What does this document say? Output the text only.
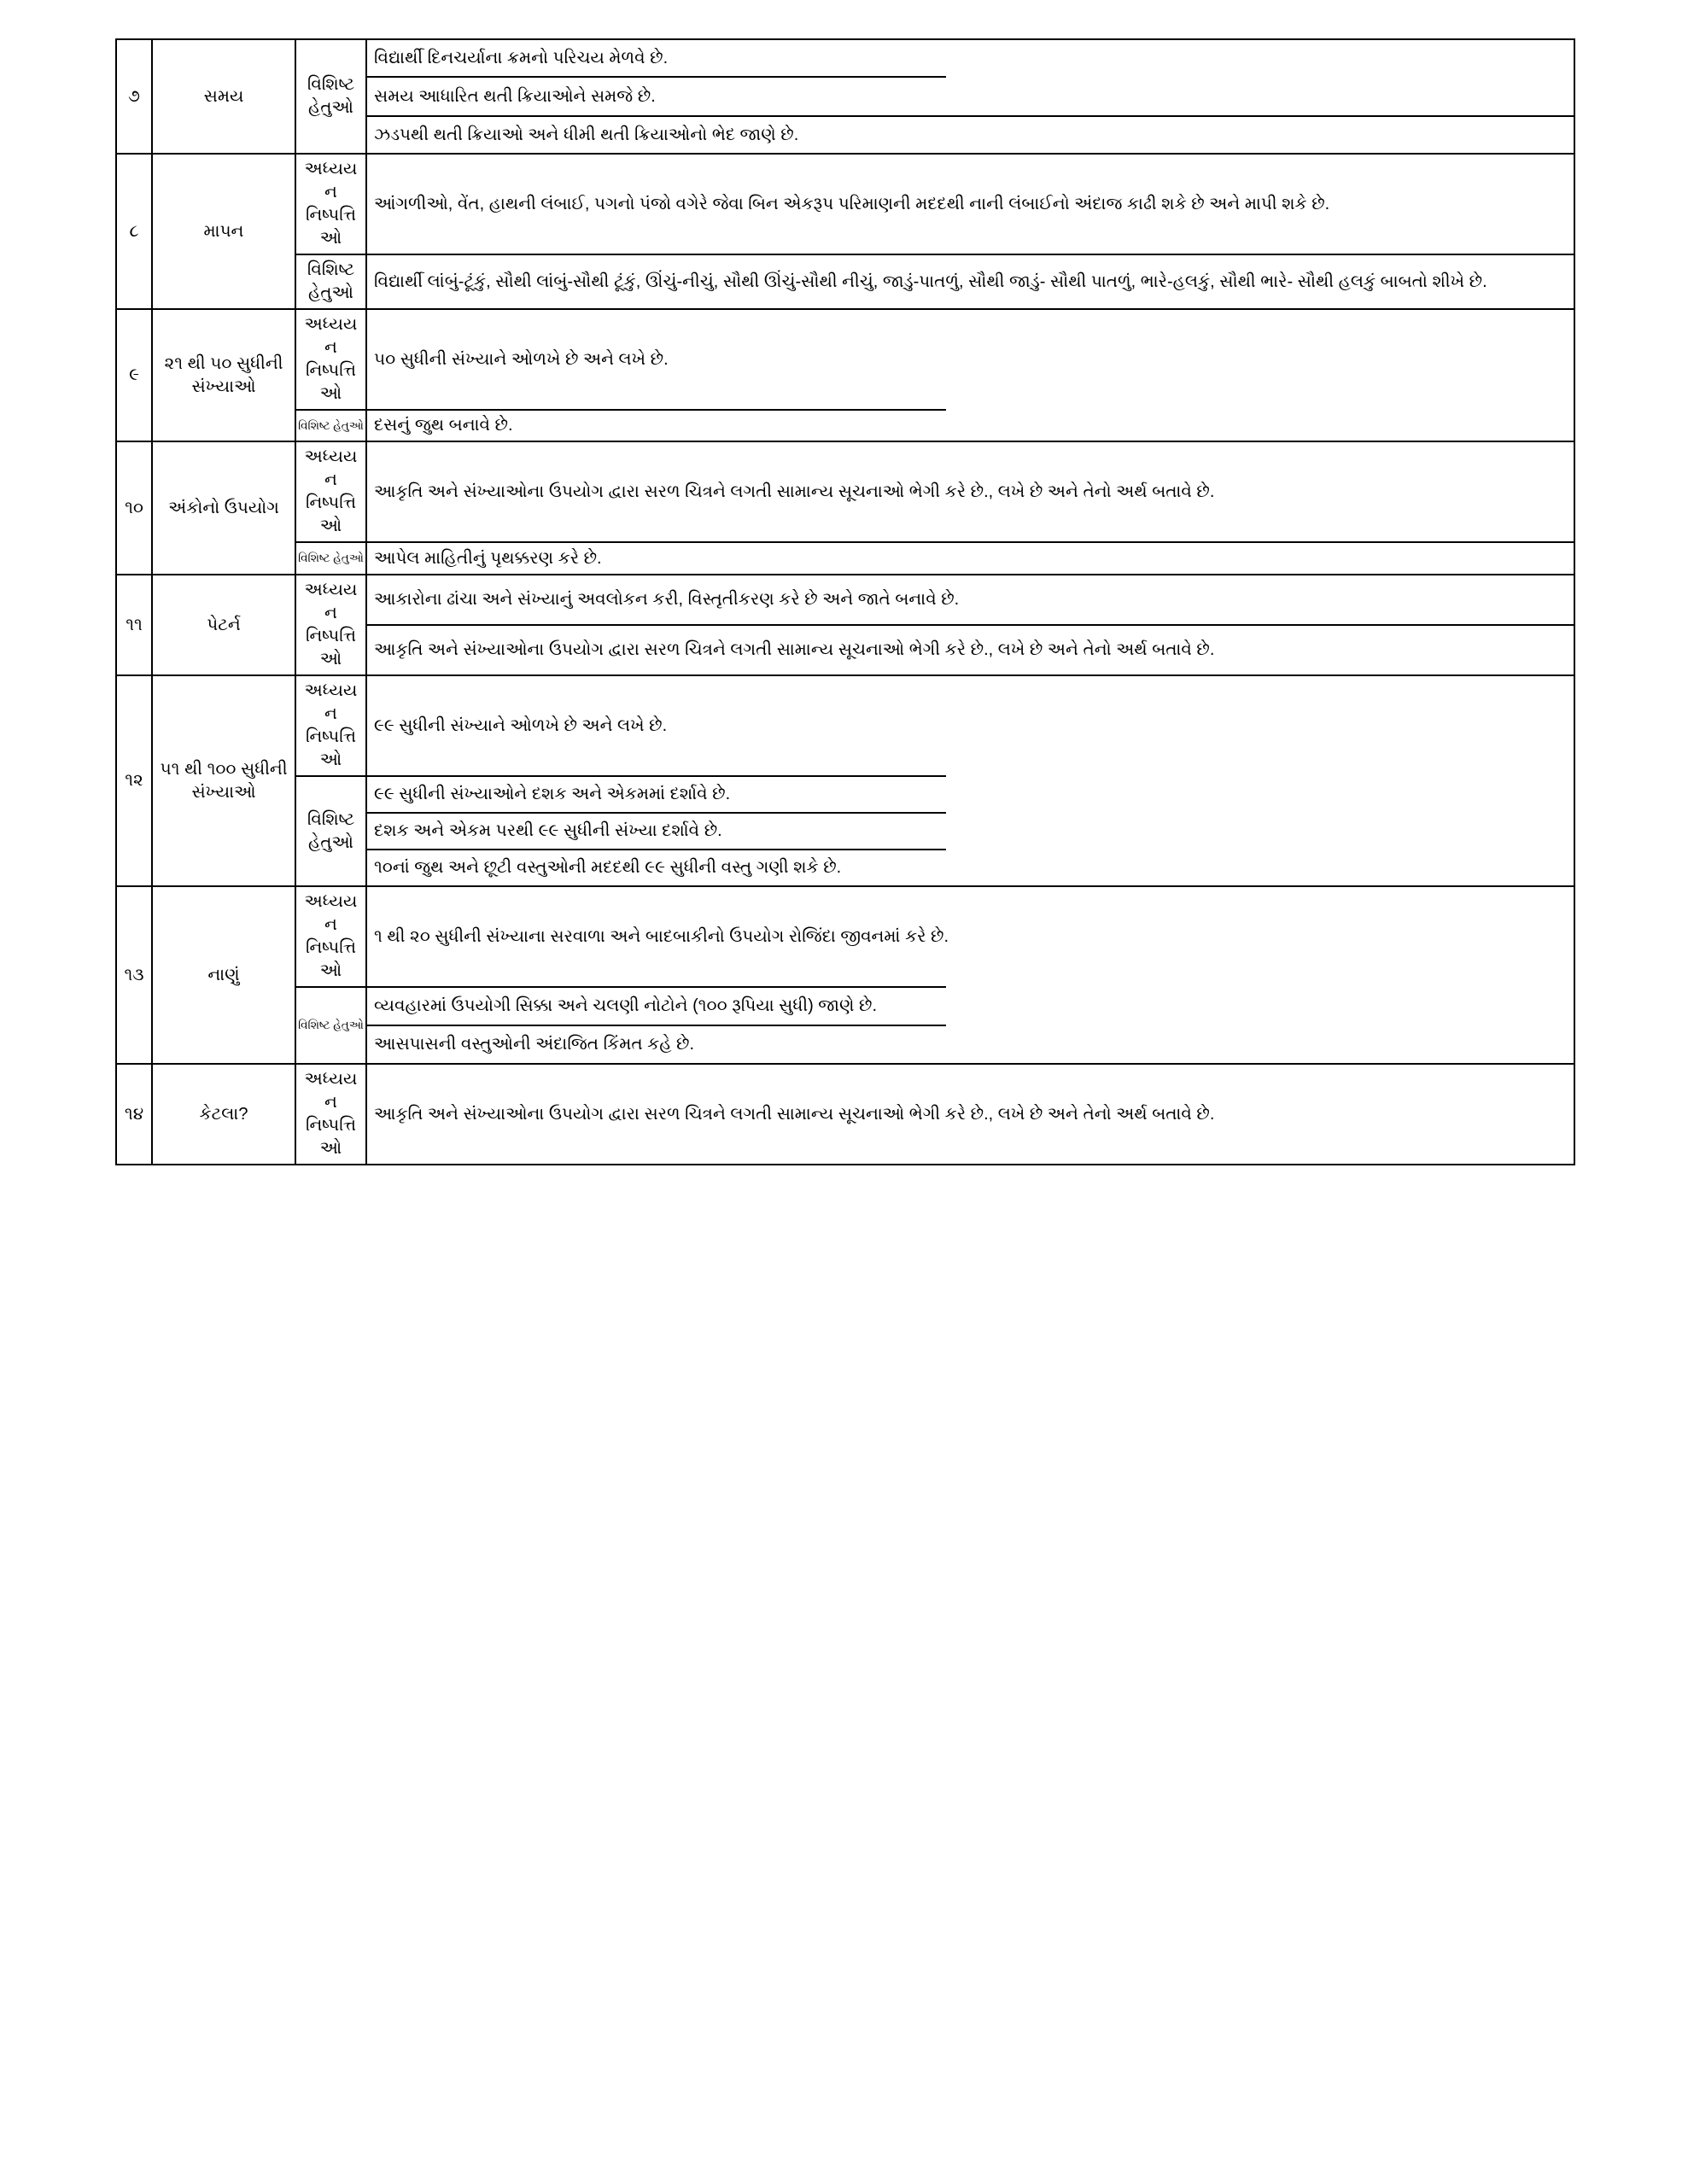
૭	સમય	વિશિષ્ટ હેતુઓ	વિદ્યાર્થી દિનચર્યાના ક્રમનો પરિચય મેળવે છે.
			સમય આધારિત થતી ક્રિયાઓને સમજે છે.
			ઝડપથી થતી ક્રિયાઓ અને ધીમી થતી ક્રિયાઓનો ભેદ જાણે છે.
૮	માપન	અધ્યયન નિષ્પત્તિઓ	આંગળીઓ, વેંત, હાથની લંબાઈ, પગનો પંજો વગેરે જેવા બિન એકરૂપ પરિમાણની મદદથી નાની લંબાઈનો અંદાજ કાઢી શકે છે અને માપી શકે છે.
		વિશિષ્ટ હેતુઓ	વિદ્યાર્થી લાંબું-ટૂંકું, સૌથી લાંબું-સૌથી ટૂંકું, ઊંચું-નીચું, સૌથી ઊંચું-સૌથી નીચું, જાડું-પાતળું, સૌથી જાડું- સૌથી પાતળું, ભારે-હલકું, સૌથી ભારે- સૌથી હલકું બાબતો શીખે છે.
૯	૨૧ થી ૫૦ સુધીની સંખ્યાઓ	અધ્યયન નિષ્પત્તિઓ	૫૦ સુધીની સંખ્યાને ઓળખે છે અને લખે છે.
		વિશિષ્ટ હેતુઓ	દસનું જુથ બનાવે છે.
૧૦	અંકોનો ઉપયોગ	અધ્યયન નિષ્પત્તિઓ	આકૃતિ અને સંખ્યાઓના ઉપયોગ દ્વારા સરળ ચિત્રને લગતી સામાન્ય સૂચનાઓ ભેગી કરે છે., લખે છે અને તેનો અર્થ બતાવે છે.
		વિશિષ્ટ હેતુઓ	આપેલ માહિતીનું પૃથક્કરણ કરે છે.
૧૧	પેટર્ન	અધ્યયન નિષ્પત્તિઓ	આકારોના ઢાંચા અને સંખ્યાનું અવલોકન કરી, વિસ્તૃતીકરણ કરે છે અને જાતે બનાવે છે.
			આકૃતિ અને સંખ્યાઓના ઉપયોગ દ્વારા સરળ ચિત્રને લગતી સામાન્ય સૂચનાઓ ભેગી કરે છે., લખે છે અને તેનો અર્થ બતાવે છે.
૧૨	૫૧ થી ૧૦૦ સુધીની સંખ્યાઓ	અધ્યયન નિષ્પત્તિઓ	૯૯ સુધીની સંખ્યાને ઓળખે છે અને લખે છે.
		વિશિષ્ટ હેતુઓ	૯૯ સુધીની સંખ્યાઓને દશક અને એકમમાં દર્શાવે છે.
			દશક અને એકમ પરથી ૯૯ સુધીની સંખ્યા દર્શાવે છે.
			૧૦નાં જુથ અને છૂટી વસ્તુઓની મદદથી ૯૯ સુધીની વસ્તુ ગણી શકે છે.
૧૩	નાણું	અધ્યયન નિષ્પત્તિઓ	૧ થી ૨૦ સુધીની સંખ્યાના સરવાળા અને બાદબાકીનો ઉપયોગ રોજિંદા જીવનમાં કરે છે.
		વિશિષ્ટ હેતુઓ	વ્યવહારમાં ઉપયોગી સિક્કા અને ચલણી નોટોને (૧૦૦ રૂપિયા સુધી) જાણે છે.
			આસપાસની વસ્તુઓની અંદાજિત કિંમત કહે છે.
૧૪	કેટલા?	અધ્યયન નિષ્પત્તિઓ	આકૃતિ અને સંખ્યાઓના ઉપયોગ દ્વારા સરળ ચિત્રને લગતી સામાન્ય સૂચનાઓ ભેગી કરે છે., લખે છે અને તેનો અર્થ બતાવે છે.
